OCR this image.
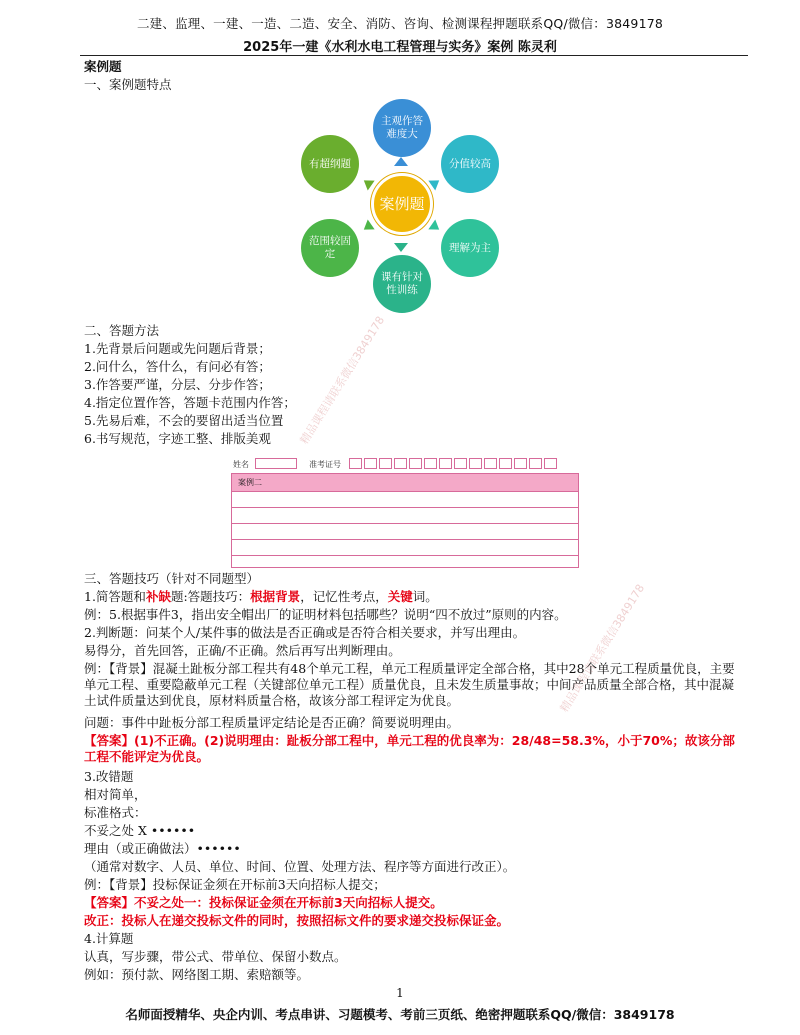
二建、监理、一建、一造、二造、安全、消防、咨询、检测课程押题联系QQ/微信：3849178
2025年一建《水利水电工程管理与实务》案例 陈灵利
案例题
一、案例题特点
主观作答难度大
分值较高
理解为主
课有针对性训练
范围较固定
有超纲题
案例题
二、答题方法
1.先背景后问题或先问题后背景；
2.问什么，答什么，有问必有答；
3.作答要严谨，分层、分步作答；
4.指定位置作答，答题卡范围内作答；
5.先易后难，不会的要留出适当位置
6.书写规范，字迹工整、排版美观 精品课程请联系微信3849178
精品课程请联系微信3849178
姓名	准考证号
案例二
三、答题技巧（针对不同题型）
1.简答题和补缺题:答题技巧：根据背景，记忆性考点，关键词。
例：5.根据事件3，指出安全帽出厂的证明材料包括哪些？说明“四不放过”原则的内容。
2.判断题：问某个人/某件事的做法是否正确或是否符合相关要求，并写出理由。
易得分，首先回答，正确/不正确。然后再写出判断理由。
例：【背景】混凝土趾板分部工程共有48个单元工程，单元工程质量评定全部合格，其中28个单元工程质量优良，主要单元工程、重要隐蔽单元工程（关键部位单元工程）质量优良，且未发生质量事故；中间产品质量全部合格，其中混凝土试件质量达到优良，原材料质量合格，故该分部工程评定为优良。
问题：事件中趾板分部工程质量评定结论是否正确？简要说明理由。
【答案】(1)不正确。(2)说明理由：趾板分部工程中，单元工程的优良率为：28/48=58.3%，小于70%；故该分部工程不能评定为优良。
3.改错题
相对简单，
标准格式：
不妥之处 X ••••••
理由（或正确做法）••••••
（通常对数字、人员、单位、时间、位置、处理方法、程序等方面进行改正）。
例：【背景】投标保证金须在开标前3天向招标人提交；
【答案】不妥之处一：投标保证金须在开标前3天向招标人提交。
改正：投标人在递交投标文件的同时，按照招标文件的要求递交投标保证金。
4.计算题
认真，写步骤，带公式、带单位、保留小数点。
例如：预付款、网络图工期、索赔额等。
1
名师面授精华、央企内训、考点串讲、习题模考、考前三页纸、绝密押题联系QQ/微信：3849178
